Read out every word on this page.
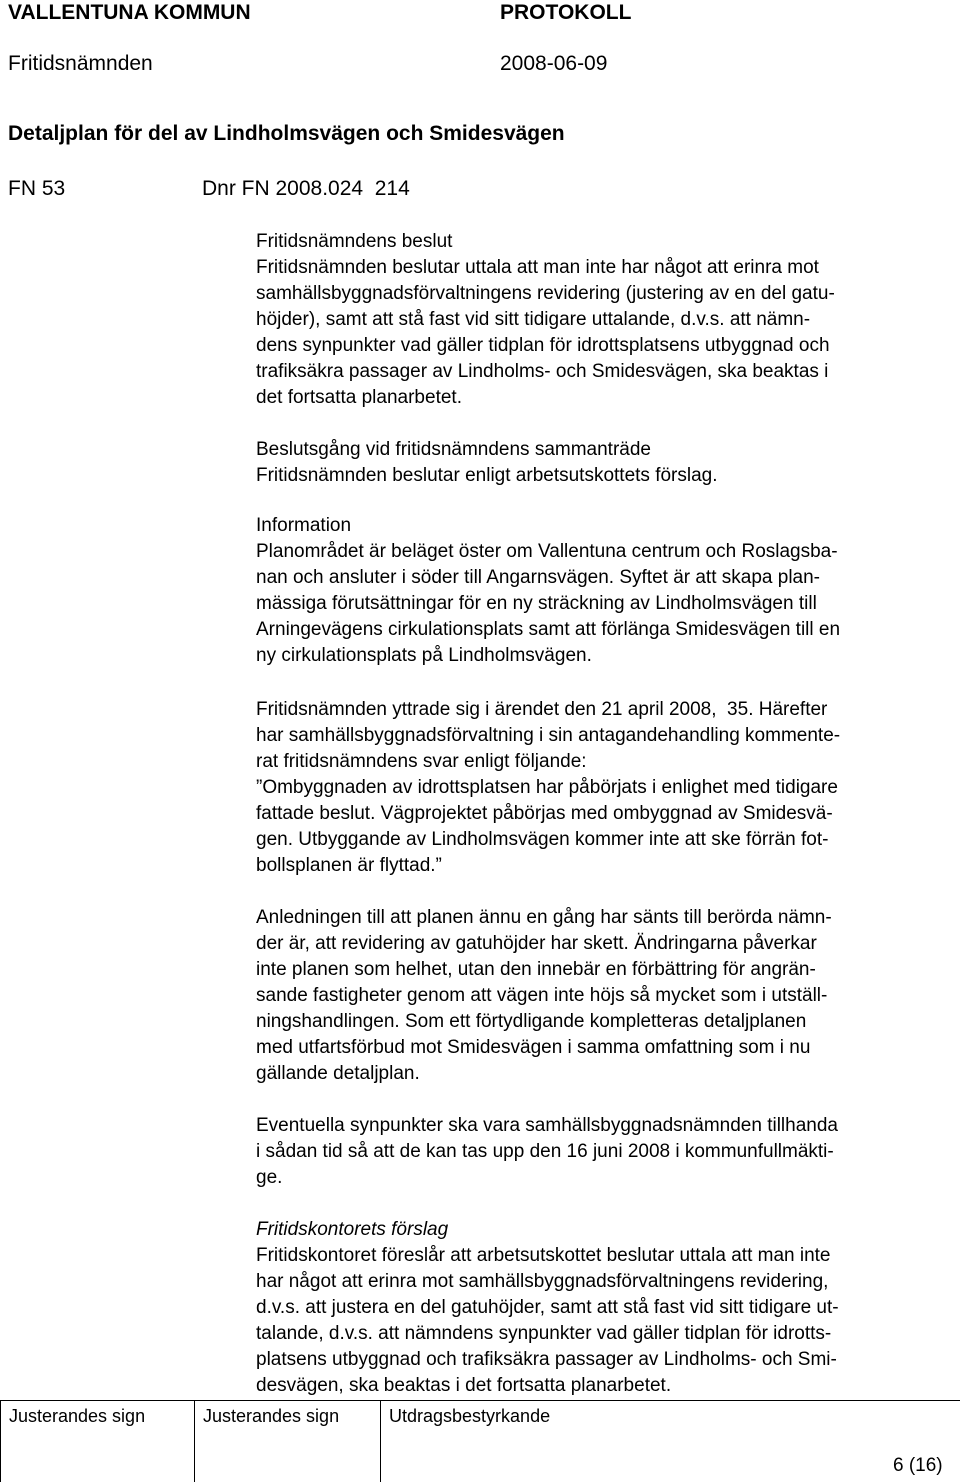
VALLENTUNA KOMMUN	PROTOKOLL
Fritidsnämnden	2008-06-09
Detaljplan för del av Lindholmsvägen och Smidesvägen
FN 53	Dnr FN 2008.024  214
Fritidsnämndens beslut
Fritidsnämnden beslutar uttala att man inte har något att erinra mot
samhällsbyggnadsförvaltningens revidering (justering av en del gatu-
höjder), samt att stå fast vid sitt tidigare uttalande, d.v.s. att nämn-
dens synpunkter vad gäller tidplan för idrottsplatsens utbyggnad och
trafiksäkra passager av Lindholms- och Smidesvägen, ska beaktas i
det fortsatta planarbetet.
Beslutsgång vid fritidsnämndens sammanträde
Fritidsnämnden beslutar enligt arbetsutskottets förslag.
Information
Planområdet är beläget öster om Vallentuna centrum och Roslagsba-
nan och ansluter i söder till Angarnsvägen. Syftet är att skapa plan-
mässiga förutsättningar för en ny sträckning av Lindholmsvägen till
Arningevägens cirkulationsplats samt att förlänga Smidesvägen till en
ny cirkulationsplats på Lindholmsvägen.
Fritidsnämnden yttrade sig i ärendet den 21 april 2008,  35. Härefter
har samhällsbyggnadsförvaltning i sin antagandehandling kommente-
rat fritidsnämndens svar enligt följande:
”Ombyggnaden av idrottsplatsen har påbörjats i enlighet med tidigare
fattade beslut. Vägprojektet påbörjas med ombyggnad av Smidesvä-
gen. Utbyggande av Lindholmsvägen kommer inte att ske förrän fot-
bollsplanen är flyttad.”
Anledningen till att planen ännu en gång har sänts till berörda nämn-
der är, att revidering av gatuhöjder har skett. Ändringarna påverkar
inte planen som helhet, utan den innebär en förbättring för angrän-
sande fastigheter genom att vägen inte höjs så mycket som i utställ-
ningshandlingen. Som ett förtydligande kompletteras detaljplanen
med utfartsförbud mot Smidesvägen i samma omfattning som i nu
gällande detaljplan.
Eventuella synpunkter ska vara samhällsbyggnadsnämnden tillhanda
i sådan tid så att de kan tas upp den 16 juni 2008 i kommunfullmäkti-
ge.
Fritidskontorets förslag
Fritidskontoret föreslår att arbetsutskottet beslutar uttala att man inte
har något att erinra mot samhällsbyggnadsförvaltningens revidering,
d.v.s. att justera en del gatuhöjder, samt att stå fast vid sitt tidigare ut-
talande, d.v.s. att nämndens synpunkter vad gäller tidplan för idrotts-
platsens utbyggnad och trafiksäkra passager av Lindholms- och Smi-
desvägen, ska beaktas i det fortsatta planarbetet.
Justerandes sign	Justerandes sign	Utdragsbestyrkande
6 (16)
